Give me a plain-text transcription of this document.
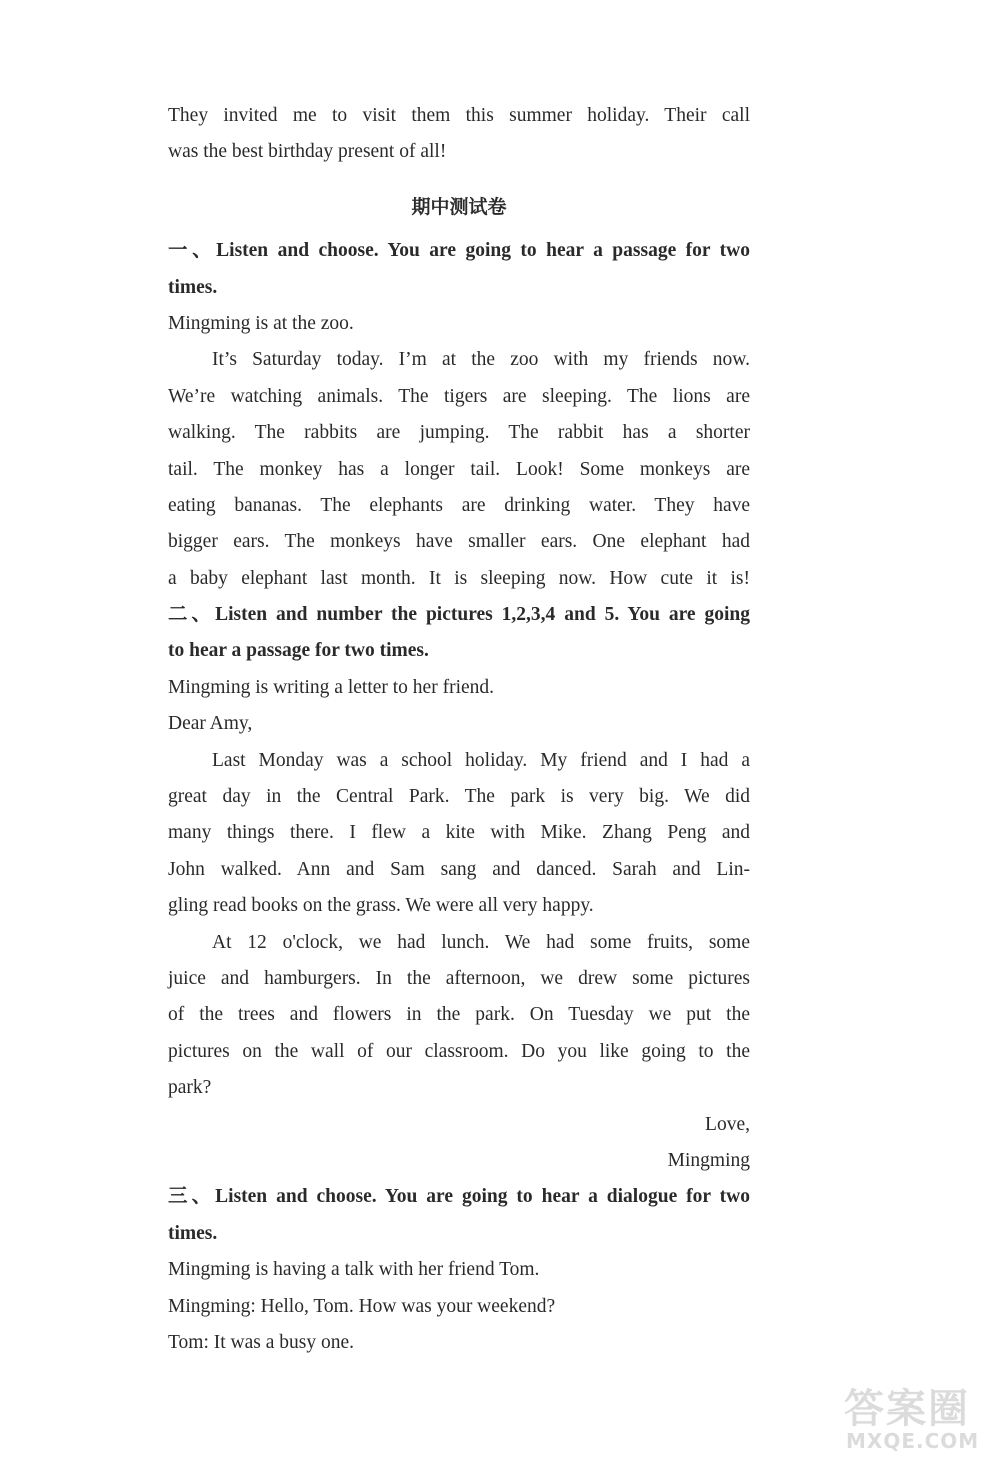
They invited me to visit them this summer holiday. Their call
was the best birthday present of all!
期中测试卷
一、Listen and choose. You are going to hear a passage for two
times.
Mingming is at the zoo.
It’s Saturday today. I’m at the zoo with my friends now.
We’re watching animals. The tigers are sleeping. The lions are
walking. The rabbits are jumping. The rabbit has a shorter
tail. The monkey has a longer tail. Look! Some monkeys are
eating bananas. The elephants are drinking water. They have
bigger ears. The monkeys have smaller ears. One elephant had
a baby elephant last month. It is sleeping now. How cute it is!
二、Listen and number the pictures 1,2,3,4 and 5. You are going
to hear a passage for two times.
Mingming is writing a letter to her friend.
Dear Amy,
Last Monday was a school holiday. My friend and I had a
great day in the Central Park. The park is very big. We did
many things there. I flew a kite with Mike. Zhang Peng and
John walked. Ann and Sam sang and danced. Sarah and Lin-
gling read books on the grass. We were all very happy.
At 12 o'clock, we had lunch. We had some fruits, some
juice and hamburgers. In the afternoon, we drew some pictures
of the trees and flowers in the park. On Tuesday we put the
pictures on the wall of our classroom. Do you like going to the
park?
Love,
Mingming
三、Listen and choose. You are going to hear a dialogue for two
times.
Mingming is having a talk with her friend Tom.
Mingming: Hello, Tom. How was your weekend?
Tom: It was a busy one.
答案圈
MXQE.COM
